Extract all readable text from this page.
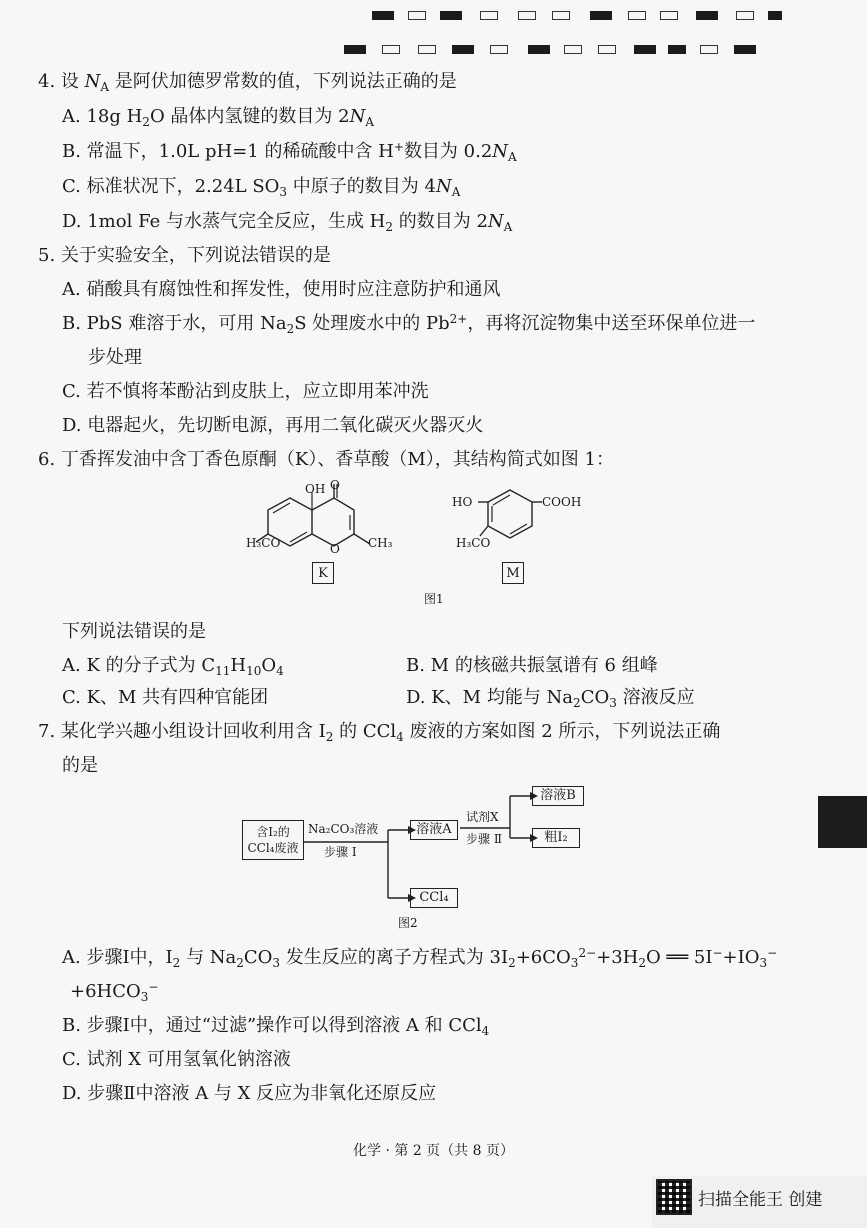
4. 设 $N_A$ 是阿伏加德罗常数的值，下列说法正确的是
A. 18g $H_2O$ 晶体内氢键的数目为 $2N_A$
B. 常温下，1.0L pH=1 的稀硫酸中含 H+数目为 $0.2N_A$
C. 标准状况下，2.24L $SO_3$ 中原子的数目为 $4N_A$
D. 1mol Fe 与水蒸气完全反应，生成 $H_2$ 的数目为 $2N_A$
5. 关于实验安全，下列说法错误的是
A. 硝酸具有腐蚀性和挥发性，使用时应注意防护和通风
B. PbS 难溶于水，可用 $Na_2S$ 处理废水中的 $Pb^{2+}$，再将沉淀物集中送至环保单位进一
步处理
C. 若不慎将苯酚沾到皮肤上，应立即用苯冲洗
D. 电器起火，先切断电源，再用二氧化碳灭火器灭火
6. 丁香挥发油中含丁香色原酮（K）、香草酸（M），其结构简式如图 1：
OH O
O
H₃CO	CH₃
K
HO	COOH
H₃CO
M
图1
下列说法错误的是
A. K 的分子式为 $C_{11}H_{10}O_4$	B. M 的核磁共振氢谱有 6 组峰
C. K、M 共有四种官能团	D. K、M 均能与 $Na_2CO_3$ 溶液反应
7. 某化学兴趣小组设计回收利用含 $I_2$ 的 CCl$_4$ 废液的方案如图 2 所示，下列说法正确
的是
含I₂的 CCl₄废液
Na₂CO₃溶液
步骤 Ⅰ
溶液A
CCl₄
试剂X
步骤 Ⅱ
溶液B
粗I₂
图2
A. 步骤Ⅰ中，$I_2$ 与 $Na_2CO_3$ 发生反应的离子方程式为 $3I_2+6CO_3^{2-}+3H_2O$ ══ $5I^-+IO_3^-$
$+6HCO_3^-$
B. 步骤Ⅰ中，通过“过滤”操作可以得到溶液 A 和 CCl$_4$
C. 试剂 X 可用氢氧化钠溶液
D. 步骤Ⅱ中溶液 A 与 X 反应为非氧化还原反应
化学 · 第 2 页（共 8 页）
扫描全能王 创建
